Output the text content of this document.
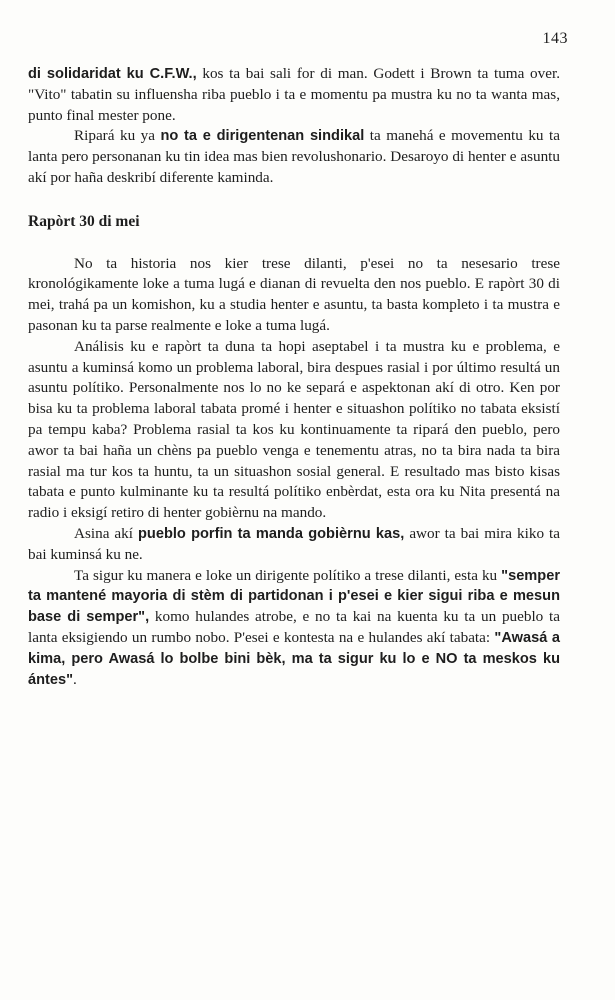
143

di solidaridat ku C.F.W., kos ta bai sali for di man. Godett i Brown ta tuma over. "Vito" tabatin su influensha riba pueblo i ta e momentu pa mustra ku no ta wanta mas, punto final mester pone.

Ripará ku ya no ta e dirigentenan sindikal ta manehá e movementu ku ta lanta pero personanan ku tin idea mas bien revolushonario. Desaroyo di henter e asuntu akí por haña deskribí diferente kaminda.

Rapòrt 30 di mei

No ta historia nos kier trese dilanti, p'esei no ta nesesario trese kronológikamente loke a tuma lugá e dianan di revuelta den nos pueblo. E rapòrt 30 di mei, trahá pa un komishon, ku a studia henter e asuntu, ta basta kompleto i ta mustra e pasonan ku ta parse realmente e loke a tuma lugá.

Análisis ku e rapòrt ta duna ta hopi aseptabel i ta mustra ku e problema, e asuntu a kuminsá komo un problema laboral, bira despues rasial i por último resultá un asuntu polítiko. Personalmente nos lo no ke separá e aspektonan akí di otro. Ken por bisa ku ta problema laboral tabata promé i henter e situashon polítiko no tabata eksistí pa tempu kaba? Problema rasial ta kos ku kontinuamente ta ripará den pueblo, pero awor ta bai haña un chèns pa pueblo venga e tenementu atras, no ta bira nada ta bira rasial ma tur kos ta huntu, ta un situashon sosial general. E resultado mas bisto kisas tabata e punto kulminante ku ta resultá polítiko enbèrdat, esta ora ku Nita presentá na radio i eksigí retiro di henter gobièrnu na mando.

Asina akí pueblo porfin ta manda gobièrnu kas, awor ta bai mira kiko ta bai kuminsá ku ne.

Ta sigur ku manera e loke un dirigente polítiko a trese dilanti, esta ku "semper ta mantené mayoria di stèm di partidonan i p'esei e kier sigui riba e mesun base di semper", komo hulandes atrobe, e no ta kai na kuenta ku ta un pueblo ta lanta eksigiendo un rumbo nobo. P'esei e kontesta na e hulandes akí tabata: "Awasá a kima, pero Awasá lo bolbe bini bèk, ma ta sigur ku lo e NO ta meskos ku ántes".
